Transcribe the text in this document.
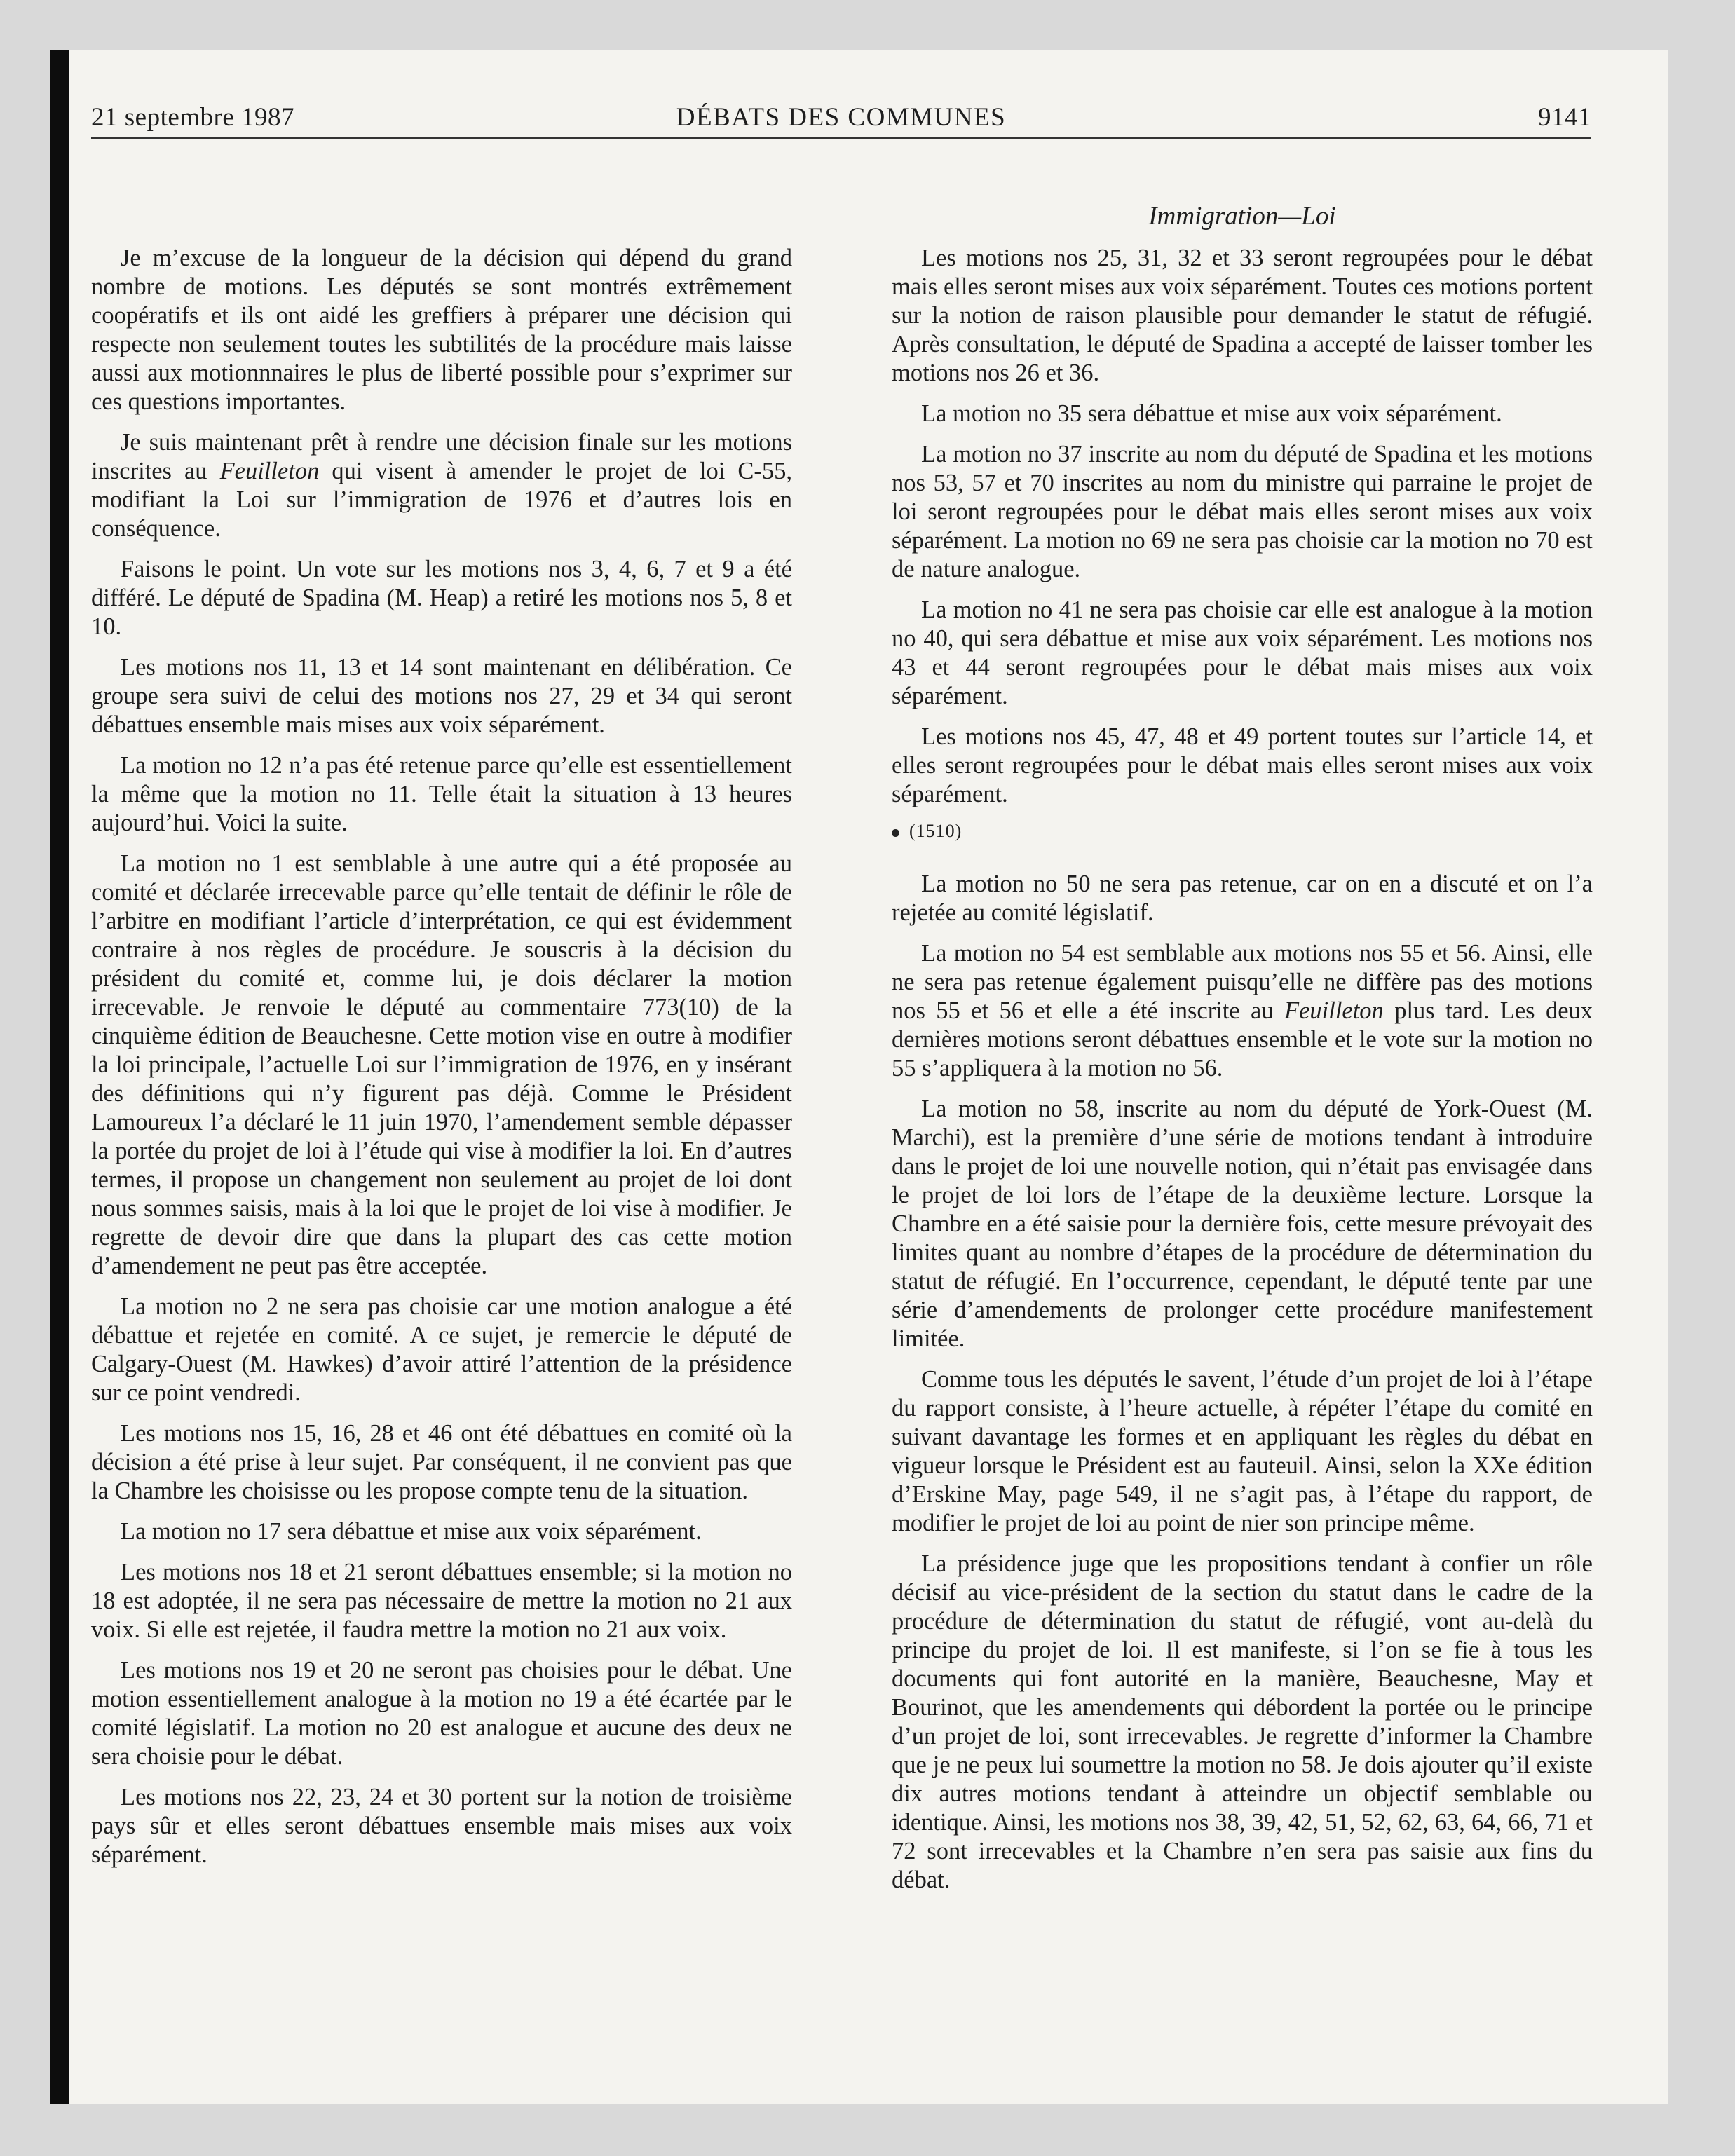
21 septembre 1987	DÉBATS DES COMMUNES	9141
Immigration—Loi

Je m’excuse de la longueur de la décision qui dépend du grand nombre de motions. Les députés se sont montrés extrêmement coopératifs et ils ont aidé les greffiers à préparer une décision qui respecte non seulement toutes les subtilités de la procédure mais laisse aussi aux motionnnaires le plus de liberté possible pour s’exprimer sur ces questions importantes.

Je suis maintenant prêt à rendre une décision finale sur les motions inscrites au Feuilleton qui visent à amender le projet de loi C-55, modifiant la Loi sur l’immigration de 1976 et d’autres lois en conséquence.

Faisons le point. Un vote sur les motions nos 3, 4, 6, 7 et 9 a été différé. Le député de Spadina (M. Heap) a retiré les motions nos 5, 8 et 10.

Les motions nos 11, 13 et 14 sont maintenant en délibération. Ce groupe sera suivi de celui des motions nos 27, 29 et 34 qui seront débattues ensemble mais mises aux voix séparément.

La motion no 12 n’a pas été retenue parce qu’elle est essentiellement la même que la motion no 11. Telle était la situation à 13 heures aujourd’hui. Voici la suite.

La motion no 1 est semblable à une autre qui a été proposée au comité et déclarée irrecevable parce qu’elle tentait de définir le rôle de l’arbitre en modifiant l’article d’interprétation, ce qui est évidemment contraire à nos règles de procédure. Je souscris à la décision du président du comité et, comme lui, je dois déclarer la motion irrecevable. Je renvoie le député au commentaire 773(10) de la cinquième édition de Beauchesne. Cette motion vise en outre à modifier la loi principale, l’actuelle Loi sur l’immigration de 1976, en y insérant des définitions qui n’y figurent pas déjà. Comme le Président Lamoureux l’a déclaré le 11 juin 1970, l’amendement semble dépasser la portée du projet de loi à l’étude qui vise à modifier la loi. En d’autres termes, il propose un changement non seulement au projet de loi dont nous sommes saisis, mais à la loi que le projet de loi vise à modifier. Je regrette de devoir dire que dans la plupart des cas cette motion d’amendement ne peut pas être acceptée.

La motion no 2 ne sera pas choisie car une motion analogue a été débattue et rejetée en comité. A ce sujet, je remercie le député de Calgary-Ouest (M. Hawkes) d’avoir attiré l’attention de la présidence sur ce point vendredi.

Les motions nos 15, 16, 28 et 46 ont été débattues en comité où la décision a été prise à leur sujet. Par conséquent, il ne convient pas que la Chambre les choisisse ou les propose compte tenu de la situation.

La motion no 17 sera débattue et mise aux voix séparément.

Les motions nos 18 et 21 seront débattues ensemble; si la motion no 18 est adoptée, il ne sera pas nécessaire de mettre la motion no 21 aux voix. Si elle est rejetée, il faudra mettre la motion no 21 aux voix.

Les motions nos 19 et 20 ne seront pas choisies pour le débat. Une motion essentiellement analogue à la motion no 19 a été écartée par le comité législatif. La motion no 20 est analogue et aucune des deux ne sera choisie pour le débat.

Les motions nos 22, 23, 24 et 30 portent sur la notion de troisième pays sûr et elles seront débattues ensemble mais mises aux voix séparément.

Les motions nos 25, 31, 32 et 33 seront regroupées pour le débat mais elles seront mises aux voix séparément. Toutes ces motions portent sur la notion de raison plausible pour demander le statut de réfugié. Après consultation, le député de Spadina a accepté de laisser tomber les motions nos 26 et 36.

La motion no 35 sera débattue et mise aux voix séparément.

La motion no 37 inscrite au nom du député de Spadina et les motions nos 53, 57 et 70 inscrites au nom du ministre qui parraine le projet de loi seront regroupées pour le débat mais elles seront mises aux voix séparément. La motion no 69 ne sera pas choisie car la motion no 70 est de nature analogue.

La motion no 41 ne sera pas choisie car elle est analogue à la motion no 40, qui sera débattue et mise aux voix séparément. Les motions nos 43 et 44 seront regroupées pour le débat mais mises aux voix séparément.

Les motions nos 45, 47, 48 et 49 portent toutes sur l’article 14, et elles seront regroupées pour le débat mais elles seront mises aux voix séparément.

(1510)

La motion no 50 ne sera pas retenue, car on en a discuté et on l’a rejetée au comité législatif.

La motion no 54 est semblable aux motions nos 55 et 56. Ainsi, elle ne sera pas retenue également puisqu’elle ne diffère pas des motions nos 55 et 56 et elle a été inscrite au Feuilleton plus tard. Les deux dernières motions seront débattues ensemble et le vote sur la motion no 55 s’appliquera à la motion no 56.

La motion no 58, inscrite au nom du député de York-Ouest (M. Marchi), est la première d’une série de motions tendant à introduire dans le projet de loi une nouvelle notion, qui n’était pas envisagée dans le projet de loi lors de l’étape de la deuxième lecture. Lorsque la Chambre en a été saisie pour la dernière fois, cette mesure prévoyait des limites quant au nombre d’étapes de la procédure de détermination du statut de réfugié. En l’occurrence, cependant, le député tente par une série d’amendements de prolonger cette procédure manifestement limitée.

Comme tous les députés le savent, l’étude d’un projet de loi à l’étape du rapport consiste, à l’heure actuelle, à répéter l’étape du comité en suivant davantage les formes et en appliquant les règles du débat en vigueur lorsque le Président est au fauteuil. Ainsi, selon la XXe édition d’Erskine May, page 549, il ne s’agit pas, à l’étape du rapport, de modifier le projet de loi au point de nier son principe même.

La présidence juge que les propositions tendant à confier un rôle décisif au vice-président de la section du statut dans le cadre de la procédure de détermination du statut de réfugié, vont au-delà du principe du projet de loi. Il est manifeste, si l’on se fie à tous les documents qui font autorité en la manière, Beauchesne, May et Bourinot, que les amendements qui débordent la portée ou le principe d’un projet de loi, sont irrecevables. Je regrette d’informer la Chambre que je ne peux lui soumettre la motion no 58. Je dois ajouter qu’il existe dix autres motions tendant à atteindre un objectif semblable ou identique. Ainsi, les motions nos 38, 39, 42, 51, 52, 62, 63, 64, 66, 71 et 72 sont irrecevables et la Chambre n’en sera pas saisie aux fins du débat.
